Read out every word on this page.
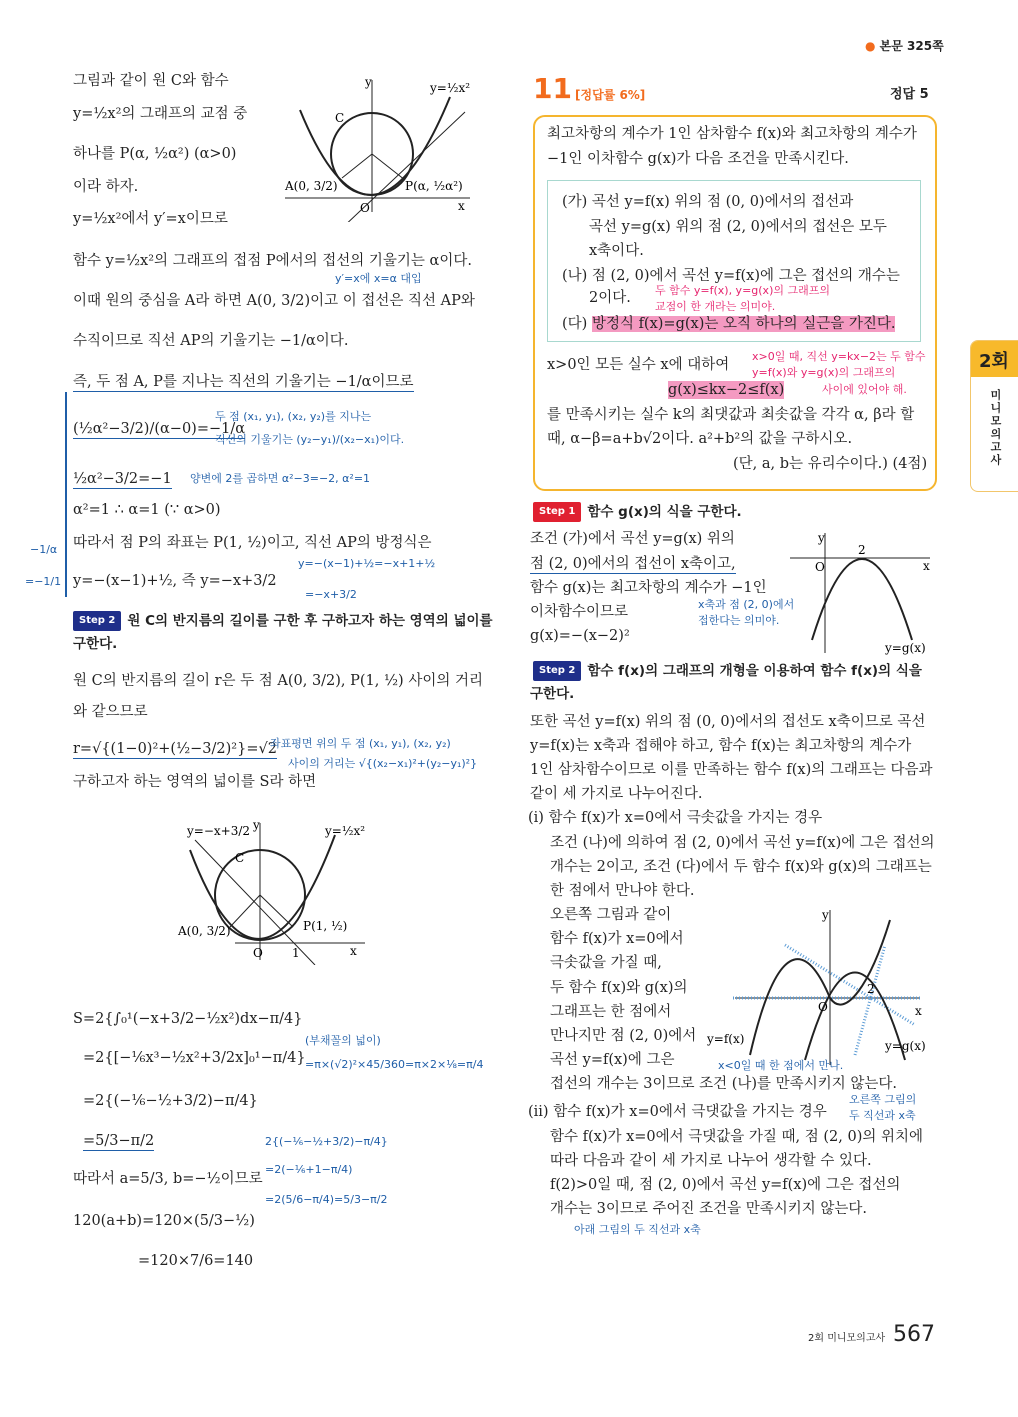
● 본문 325쪽
그림과 같이 원 C와 함수
y=½x²의 그래프의 교점 중
하나를 P(α, ½α²) (α>0)
이라 하자.
y=½x²에서 y′=x이므로
함수 y=½x²의 그래프의 접점 P에서의 접선의 기울기는 α이다.
y′=x에 x=α 대입
이때 원의 중심을 A라 하면 A(0, 3/2)이고 이 접선은 직선 AP와
수직이므로 직선 AP의 기울기는 −1/α이다.
즉, 두 점 A, P를 지나는 직선의 기울기는 −1/α이므로
(½α²−3/2)/(α−0)=−1/α
두 점 (x₁, y₁), (x₂, y₂)를 지나는
직선의 기울기는 (y₂−y₁)/(x₂−x₁)이다.
½α²−3/2=−1 양변에 2를 곱하면 α²−3=−2, α²=1
α²=1 ∴ α=1 (∵ α>0)
따라서 점 P의 좌표는 P(1, ½)이고, 직선 AP의 방정식은
y=−(x−1)+½=−x+1+½
y=−(x−1)+½, 즉 y=−x+3/2
=−x+3/2
−1/α
=−1/1
Step 2 원 C의 반지름의 길이를 구한 후 구하고자 하는 영역의 넓이를
구한다.
원 C의 반지름의 길이 r은 두 점 A(0, 3/2), P(1, ½) 사이의 거리
와 같으므로
r=√{(1−0)²+(½−3/2)²}=√2
좌표평면 위의 두 점 (x₁, y₁), (x₂, y₂)
사이의 거리는 √{(x₂−x₁)²+(y₂−y₁)²}
구하고자 하는 영역의 넓이를 S라 하면
S=2{∫₀¹(−x+3/2−½x²)dx−π/4}
(부채꼴의 넓이)
=2{[−⅙x³−½x²+3/2x]₀¹−π/4} =π×(√2)²×45/360=π×2×⅛=π/4
=2{(−⅙−½+3/2)−π/4}
=5/3−π/2	2{(−⅙−½+3/2)−π/4}
=2(−⅙+1−π/4)
=2(5/6−π/4)=5/3−π/2
따라서 a=5/3, b=−½이므로
120(a+b)=120×(5/3−½)
=120×7/6=140
y
x
O
C
y=½x²
A(0, 3/2)	P(α, ½α²)
y
x
O 1
C
y=−x+3/2	y=½x²
A(0, 3/2)	P(1, ½)
11 [정답률 6%]	정답 5
최고차항의 계수가 1인 삼차함수 f(x)와 최고차항의 계수가
−1인 이차함수 g(x)가 다음 조건을 만족시킨다.
(가) 곡선 y=f(x) 위의 점 (0, 0)에서의 접선과
곡선 y=g(x) 위의 점 (2, 0)에서의 접선은 모두
x축이다.
(나) 점 (2, 0)에서 곡선 y=f(x)에 그은 접선의 개수는
2이다. 두 함수 y=f(x), y=g(x)의 그래프의
교점이 한 개라는 의미야.
(다) 방정식 f(x)=g(x)는 오직 하나의 실근을 가진다.
x>0인 모든 실수 x에 대하여
g(x)≤kx−2≤f(x)
x>0일 때, 직선 y=kx−2는 두 함수
y=f(x)와 y=g(x)의 그래프의
사이에 있어야 해.
를 만족시키는 실수 k의 최댓값과 최솟값을 각각 α, β라 할
때, α−β=a+b√2이다. a²+b²의 값을 구하시오.
(단, a, b는 유리수이다.) (4점)
Step 1 함수 g(x)의 식을 구한다.
조건 (가)에서 곡선 y=g(x) 위의
점 (2, 0)에서의 접선이 x축이고,
함수 g(x)는 최고차항의 계수가 −1인
이차함수이므로
g(x)=−(x−2)²
x축과 점 (2, 0)에서
접한다는 의미야.
y
x
O
2
y=g(x)
Step 2 함수 f(x)의 그래프의 개형을 이용하여 함수 f(x)의 식을
구한다.
또한 곡선 y=f(x) 위의 점 (0, 0)에서의 접선도 x축이므로 곡선
y=f(x)는 x축과 접해야 하고, 함수 f(x)는 최고차항의 계수가
1인 삼차함수이므로 이를 만족하는 함수 f(x)의 그래프는 다음과
같이 세 가지로 나누어진다.
(i) 함수 f(x)가 x=0에서 극솟값을 가지는 경우
조건 (나)에 의하여 점 (2, 0)에서 곡선 y=f(x)에 그은 접선의
개수는 2이고, 조건 (다)에서 두 함수 f(x)와 g(x)의 그래프는
한 점에서 만나야 한다.
오른쪽 그림과 같이
함수 f(x)가 x=0에서
극솟값을 가질 때,
두 함수 f(x)와 g(x)의
그래프는 한 점에서
만나지만 점 (2, 0)에서
곡선 y=f(x)에 그은
접선의 개수는 3이므로 조건 (나)를 만족시키지 않는다.
x<0일 때 한 점에서 만나.
오른쪽 그림의
두 직선과 x축
(ii) 함수 f(x)가 x=0에서 극댓값을 가지는 경우
함수 f(x)가 x=0에서 극댓값을 가질 때, 점 (2, 0)의 위치에
따라 다음과 같이 세 가지로 나누어 생각할 수 있다.
f(2)>0일 때, 점 (2, 0)에서 곡선 y=f(x)에 그은 접선의
개수는 3이므로 주어진 조건을 만족시키지 않는다.
아래 그림의 두 직선과 x축
y
x
O
2
y=f(x)	y=g(x)
2회
미니모의고사
2회 미니모의고사 567
